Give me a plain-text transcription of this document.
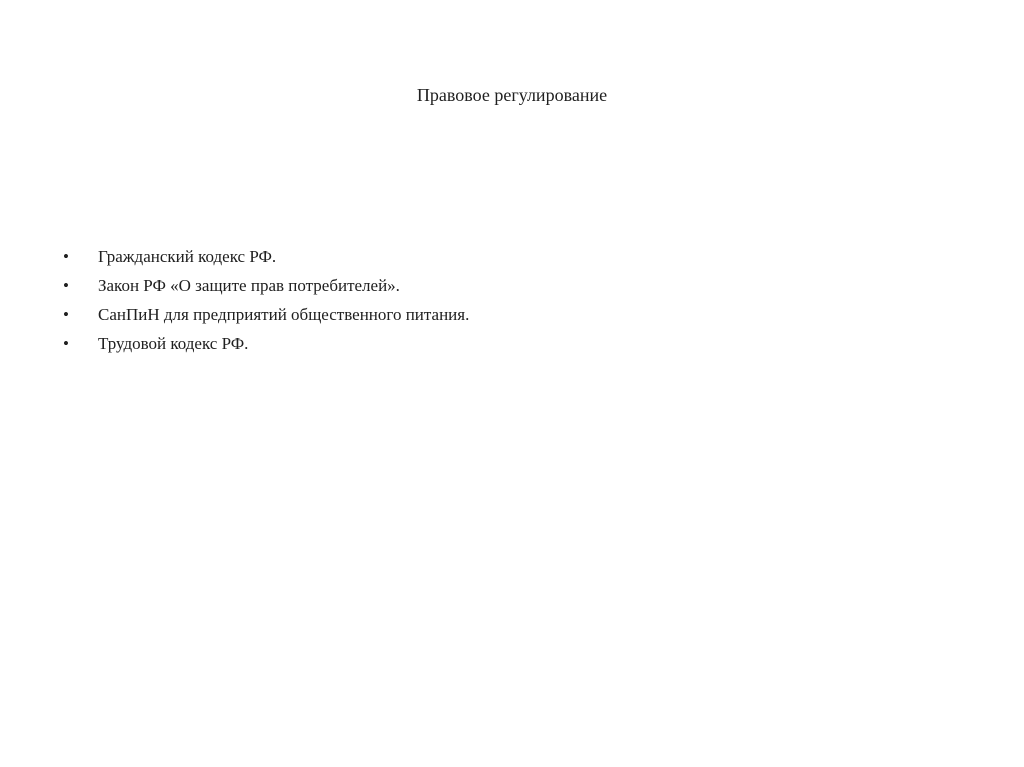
Правовое регулирование
• Гражданский кодекс РФ.
• Закон РФ «О защите прав потребителей».
• СанПиН для предприятий общественного питания.
• Трудовой кодекс РФ.
